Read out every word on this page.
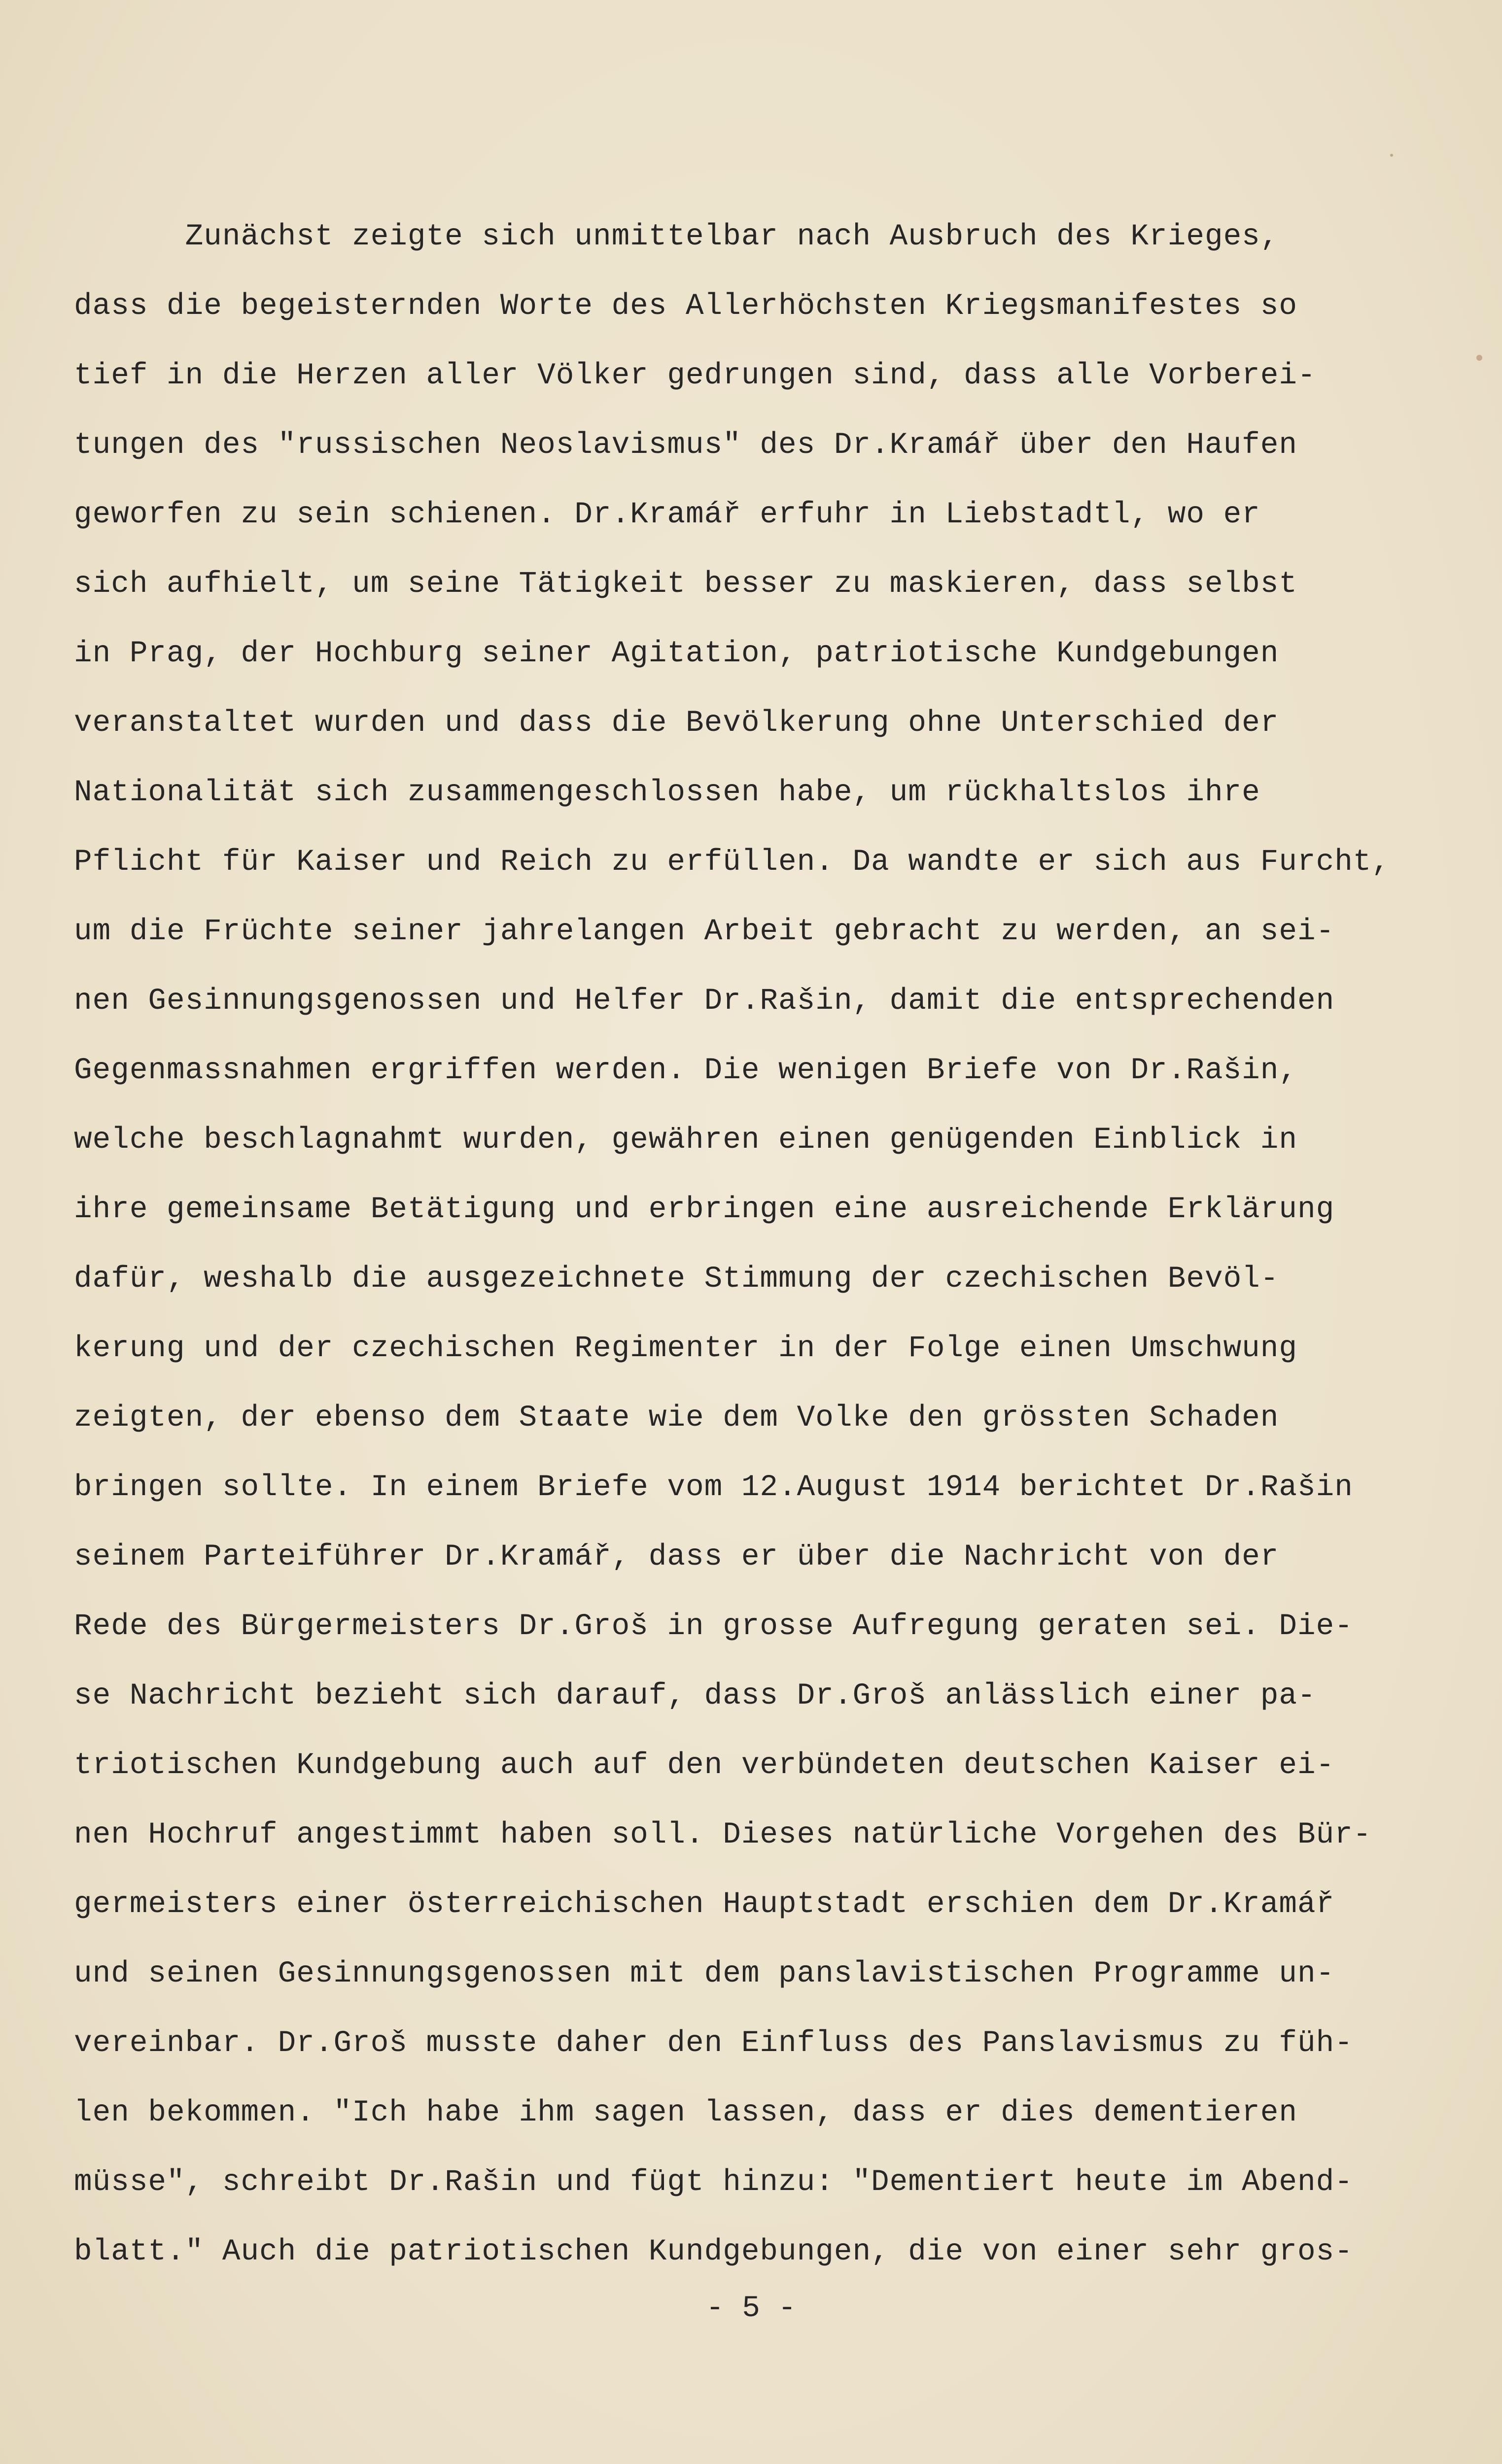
Zunächst zeigte sich unmittelbar nach Ausbruch des Krieges,
dass die begeisternden Worte des Allerhöchsten Kriegsmanifestes so
tief in die Herzen aller Völker gedrungen sind, dass alle Vorberei-
tungen des "russischen Neoslavismus" des Dr.Kramář über den Haufen
geworfen zu sein schienen. Dr.Kramář erfuhr in Liebstadtl, wo er
sich aufhielt, um seine Tätigkeit besser zu maskieren, dass selbst
in Prag, der Hochburg seiner Agitation, patriotische Kundgebungen
veranstaltet wurden und dass die Bevölkerung ohne Unterschied der
Nationalität sich zusammengeschlossen habe, um rückhaltslos ihre
Pflicht für Kaiser und Reich zu erfüllen. Da wandte er sich aus Furcht,
um die Früchte seiner jahrelangen Arbeit gebracht zu werden, an sei-
nen Gesinnungsgenossen und Helfer Dr.Rašin, damit die entsprechenden
Gegenmassnahmen ergriffen werden. Die wenigen Briefe von Dr.Rašin,
welche beschlagnahmt wurden, gewähren einen genügenden Einblick in
ihre gemeinsame Betätigung und erbringen eine ausreichende Erklärung
dafür, weshalb die ausgezeichnete Stimmung der czechischen Bevöl-
kerung und der czechischen Regimenter in der Folge einen Umschwung
zeigten, der ebenso dem Staate wie dem Volke den grössten Schaden
bringen sollte. In einem Briefe vom 12.August 1914 berichtet Dr.Rašin
seinem Parteiführer Dr.Kramář, dass er über die Nachricht von der
Rede des Bürgermeisters Dr.Groš in grosse Aufregung geraten sei. Die-
se Nachricht bezieht sich darauf, dass Dr.Groš anlässlich einer pa-
triotischen Kundgebung auch auf den verbündeten deutschen Kaiser ei-
nen Hochruf angestimmt haben soll. Dieses natürliche Vorgehen des Bür-
germeisters einer österreichischen Hauptstadt erschien dem Dr.Kramář
und seinen Gesinnungsgenossen mit dem panslavistischen Programme un-
vereinbar. Dr.Groš musste daher den Einfluss des Panslavismus zu füh-
len bekommen. "Ich habe ihm sagen lassen, dass er dies dementieren
müsse", schreibt Dr.Rašin und fügt hinzu: "Dementiert heute im Abend-
blatt." Auch die patriotischen Kundgebungen, die von einer sehr gros-
- 5 -
